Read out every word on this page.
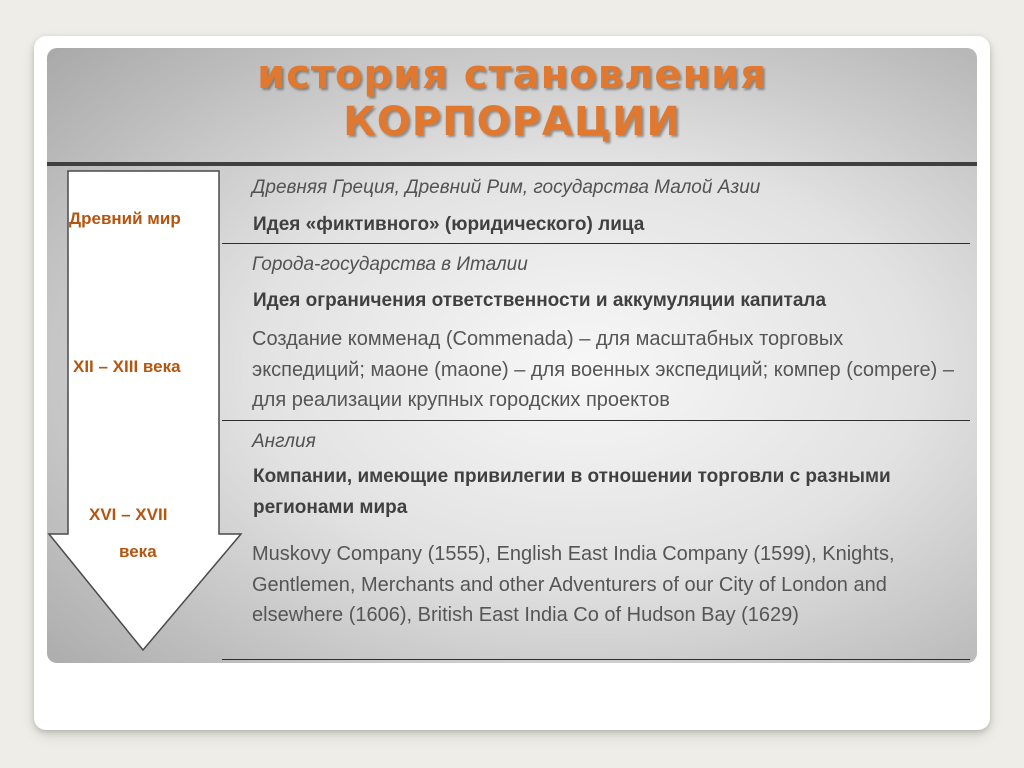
история становления
КОРПОРАЦИИ

Древний мир

XII – XIII века

XVI – XVII

века

Древняя Греция, Древний Рим, государства Малой Азии

Идея «фиктивного» (юридического) лица

Города-государства в Италии

Идея ограничения ответственности и аккумуляции капитала

Создание комменад (Commenada) – для масштабных торговых экспедиций; маоне (maone) – для военных экспедиций; компер (compere) – для реализации крупных городских проектов

Англия

Компании, имеющие привилегии в отношении торговли с разными регионами мира

Muskovy Company (1555), English East India Company (1599), Knights, Gentlemen, Merchants and other Adventurers of our City of London and elsewhere (1606), British East India Co of Hudson Bay (1629)
